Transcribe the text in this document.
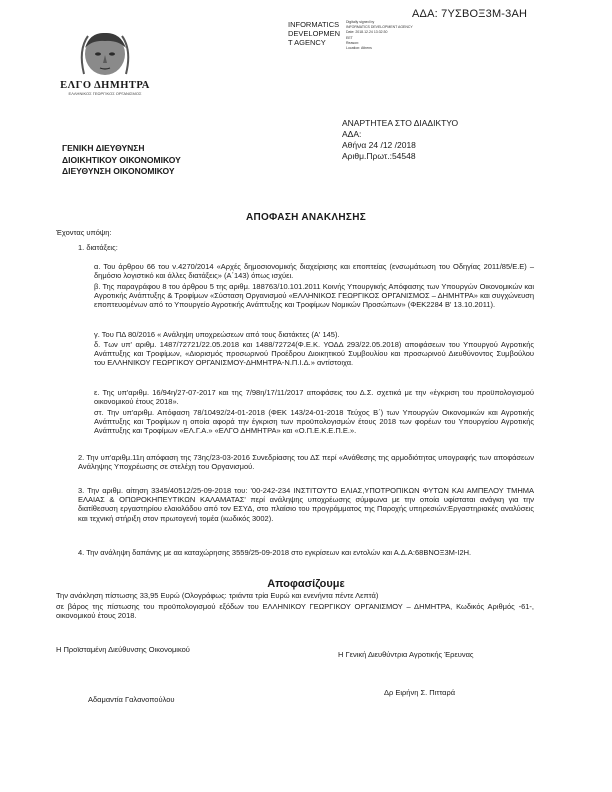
ΑΔΑ: 7ΥΣΒΟΞ3Μ-3ΑΗ
ΕΛΓΟ ΔΗΜΗΤΡΑ
ΕΛΛΗΝΙΚΟΣ ΓΕΩΡΓΙΚΟΣ ΟΡΓΑΝΙΣΜΟΣ
INFORMATICS
DEVELOPMEN
T AGENCY
Digitally signed by
INFORMATICS DEVELOPMENT AGENCY
Date: 2018.12.24 13:32:30
EET
Reason:
Location: Athens
ΑΝΑΡΤΗΤΕΑ ΣΤΟ ΔΙΑΔΙΚΤΥΟ
ΑΔΑ:
Αθήνα 24 /12 /2018
Αριθμ.Πρωτ.:54548
ΓΕΝΙΚΗ ΔΙΕΥΘΥΝΣΗ
ΔΙΟΙΚΗΤΙΚΟΥ ΟΙΚΟΝΟΜΙΚΟΥ
ΔΙΕΥΘΥΝΣΗ ΟΙΚΟΝΟΜΙΚΟΥ
ΑΠΟΦΑΣΗ ΑΝΑΚΛΗΣΗΣ
Έχοντας υπόψη:
1. διατάξεις:
α. Του άρθρου 66 του ν.4270/2014 «Αρχές δημοσιονομικής διαχείρισης και εποπτείας (ενσωμάτωση του Οδηγίας 2011/85/Ε.Ε) –δημόσιο λογιστικό και άλλες διατάξεις» (Α΄143) όπως ισχύει.
β. Της παραγράφου 8 του άρθρου 5 της αριθμ. 188763/10.101.2011 Κοινής Υπουργικής Απόφασης των Υπουργών Οικονομικών και Αγροτικής Ανάπτυξης & Τροφίμων «Σύσταση Οργανισμού «ΕΛΛΗΝΙΚΟΣ ΓΕΩΡΓΙΚΟΣ ΟΡΓΑΝΙΣΜΟΣ – ΔΗΜΗΤΡΑ» και συγχώνευση εποπτευομένων από το Υπουργείο Αγροτικής Ανάπτυξης και Τροφίμων Νομικών Προσώπων» (ΦΕΚ2284 Β' 13.10.2011).
γ. Του ΠΔ 80/2016 « Ανάληψη υποχρεώσεων από τους διατάκτες (Α' 145).
δ. Των υπ' αριθμ. 1487/72721/22.05.2018 και 1488/72724(Φ.Ε.Κ. ΥΟΔΔ 293/22.05.2018) αποφάσεων του Υπουργού Αγροτικής Ανάπτυξης και Τροφίμων, «Διορισμός προσωρινού Προέδρου Διοικητικού Συμβουλίου και προσωρινού Διευθύνοντος Συμβούλου του ΕΛΛΗΝΙΚΟΥ ΓΕΩΡΓΙΚΟΥ ΟΡΓΑΝΙΣΜΟΥ-ΔΗΜΗΤΡΑ-Ν.Π.Ι.Δ.» αντίστοιχα.
ε. Της υπ'αριθμ. 16/94η/27-07-2017 και της 7/98η/17/11/2017 αποφάσεις του Δ.Σ. σχετικά με την «έγκριση του προϋπολογισμού οικονομικού έτους 2018».
στ. Την υπ'αριθμ. Απόφαση 78/10492/24-01-2018 (ΦΕΚ 143/24-01-2018 Τεύχος Β΄) των Υπουργών Οικονομικών και Αγροτικής Ανάπτυξης και Τροφίμων η οποία αφορά την έγκριση των προϋπολογισμών έτους 2018 των φορέων του Υπουργείου Αγροτικής Ανάπτυξης και Τροφίμων «ΕΛ.Γ.Α.» «ΕΛΓΟ ΔΗΜΗΤΡΑ» και «Ο.Π.Ε.Κ.Ε.Π.Ε.».
2. Την υπ'αριθμ.11η απόφαση της 73ης/23-03-2016 Συνεδρίασης του ΔΣ περί «Ανάθεσης της αρμοδιότητας υπογραφής των αποφάσεων Ανάληψης Υποχρέωσης σε στελέχη του Οργανισμού.
3. Την αριθμ. αίτηση 3345/40512/25-09-2018 του: '00-242-234 ΙΝΣΤΙΤΟΥΤΟ ΕΛΙΑΣ,ΥΠΟΤΡΟΠΙΚΩΝ ΦΥΤΩΝ ΚΑΙ ΑΜΠΕΛΟΥ ΤΜΗΜΑ ΕΛΑΙΑΣ & ΟΠΩΡΟΚΗΠΕΥΤΙΚΩΝ ΚΑΛΑΜΑΤΑΣ' περί ανάληψης υποχρέωσης σύμφωνα με την οποία υφίσταται ανάγκη για την διατίθεσυση εργαστηρίου ελαιολάδου από τον ΕΣΥΔ, στο πλαίσιο του προγράμματος της Παροχής υπηρεσιών:Εργαστηριακές αναλύσεις και τεχνική στήριξη στον πρωτογενή τομέα (κωδικός 3002).
4. Την ανάληψη δαπάνης με αα καταχώρησης 3559/25-09-2018 στο εγκρίσεων και εντολών και Α.Δ.Α:68ΒΝΟΞ3Μ-Ι2Η.
Αποφασίζουμε
Την ανάκληση πίστωσης 33,95 Ευρώ (Ολογράφως: τριάντα τρία Ευρώ και ενενήντα πέντε Λεπτά)
σε βάρος της πίστωσης του προϋπολογισμού εξόδων του ΕΛΛΗΝΙΚΟΥ ΓΕΩΡΓΙΚΟΥ ΟΡΓΑΝΙΣΜΟΥ – ΔΗΜΗΤΡΑ, Κωδικός Αριθμός -61-, οικονομικού έτους 2018.
Η Προϊσταμένη Διεύθυνσης Οικονομικού
Η Γενική Διευθύντρια Αγροτικής Έρευνας
Αδαμαντία Γαλανοπούλου
Δρ Ειρήνη Σ. Πιτταρά
